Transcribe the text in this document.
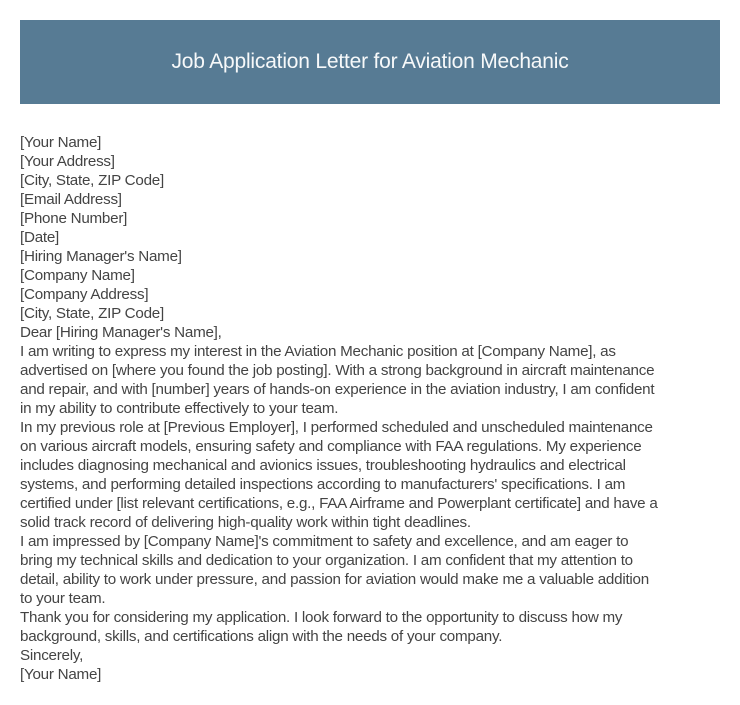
Job Application Letter for Aviation Mechanic
[Your Name]
[Your Address]
[City, State, ZIP Code]
[Email Address]
[Phone Number]
[Date]
[Hiring Manager's Name]
[Company Name]
[Company Address]
[City, State, ZIP Code]
Dear [Hiring Manager's Name],
I am writing to express my interest in the Aviation Mechanic position at [Company Name], as
advertised on [where you found the job posting]. With a strong background in aircraft maintenance
and repair, and with [number] years of hands-on experience in the aviation industry, I am confident
in my ability to contribute effectively to your team.
In my previous role at [Previous Employer], I performed scheduled and unscheduled maintenance
on various aircraft models, ensuring safety and compliance with FAA regulations. My experience
includes diagnosing mechanical and avionics issues, troubleshooting hydraulics and electrical
systems, and performing detailed inspections according to manufacturers' specifications. I am
certified under [list relevant certifications, e.g., FAA Airframe and Powerplant certificate] and have a
solid track record of delivering high-quality work within tight deadlines.
I am impressed by [Company Name]'s commitment to safety and excellence, and am eager to
bring my technical skills and dedication to your organization. I am confident that my attention to
detail, ability to work under pressure, and passion for aviation would make me a valuable addition
to your team.
Thank you for considering my application. I look forward to the opportunity to discuss how my
background, skills, and certifications align with the needs of your company.
Sincerely,
[Your Name]
